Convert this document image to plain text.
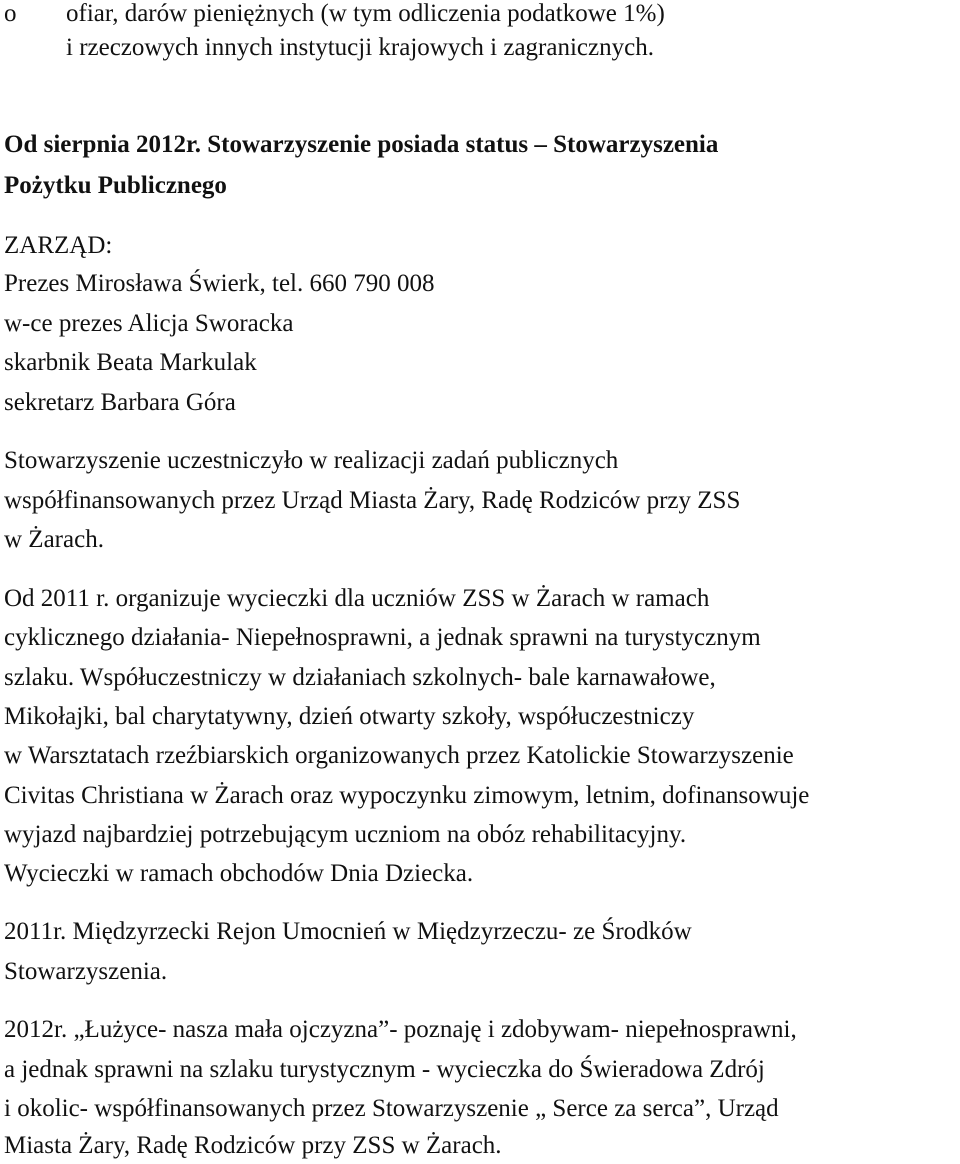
o	ofiar, darów pieniężnych (w tym odliczenia podatkowe 1%)
i rzeczowych innych instytucji krajowych i zagranicznych.
Od sierpnia 2012r. Stowarzyszenie posiada status – Stowarzyszenia
Pożytku Publicznego
ZARZĄD:
Prezes Mirosława Świerk, tel. 660 790 008
w-ce prezes Alicja Sworacka
skarbnik Beata Markulak
sekretarz Barbara Góra
Stowarzyszenie uczestniczyło w realizacji zadań publicznych
współfinansowanych przez Urząd Miasta Żary, Radę Rodziców przy ZSS
w Żarach.
Od 2011 r. organizuje wycieczki dla uczniów ZSS w Żarach w ramach
cyklicznego działania- Niepełnosprawni, a jednak sprawni na turystycznym
szlaku. Współuczestniczy w działaniach szkolnych- bale karnawałowe,
Mikołajki, bal charytatywny, dzień otwarty szkoły, współuczestniczy
w Warsztatach rzeźbiarskich organizowanych przez Katolickie Stowarzyszenie
Civitas Christiana w Żarach oraz wypoczynku zimowym, letnim, dofinansowuje
wyjazd najbardziej potrzebującym uczniom na obóz rehabilitacyjny.
Wycieczki w ramach obchodów Dnia Dziecka.
2011r. Międzyrzecki Rejon Umocnień w Międzyrzeczu- ze Środków
Stowarzyszenia.
2012r. „Łużyce- nasza mała ojczyzna”- poznaję i zdobywam- niepełnosprawni,
a jednak sprawni na szlaku turystycznym - wycieczka do Świeradowa Zdrój
i okolic- współfinansowanych przez Stowarzyszenie „ Serce za serca”, Urząd
Miasta Żary, Radę Rodziców przy ZSS w Żarach.
